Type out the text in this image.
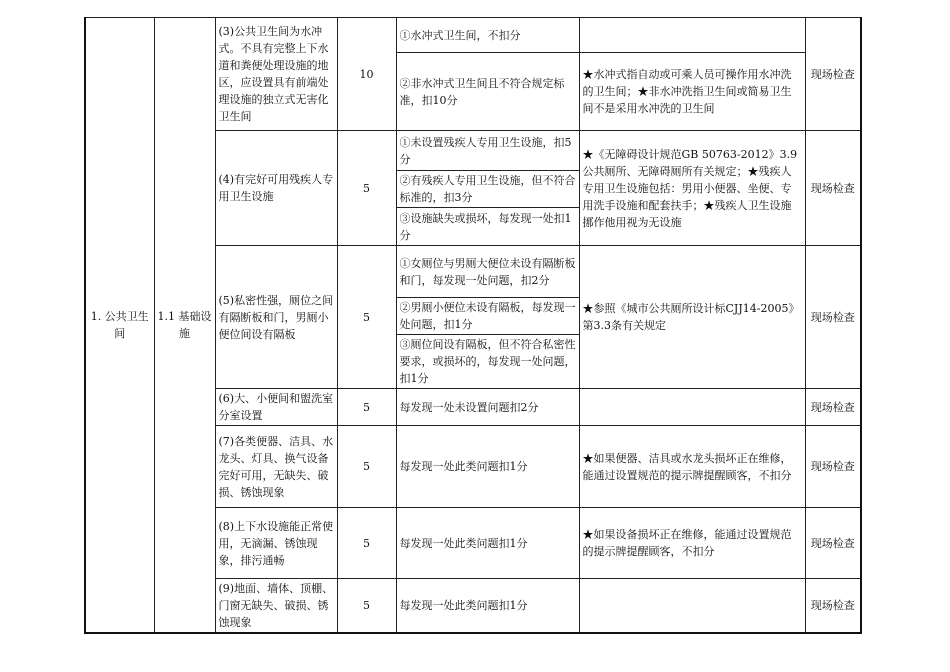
1. 公共卫生间	1.1 基础设施	(3)公共卫生间为水冲式。不具有完整上下水道和粪便处理设施的地区，应设置具有前端处理设施的独立式无害化卫生间	10	①水冲式卫生间，不扣分		现场检查
				②非水冲式卫生间且不符合规定标准，扣10分	★水冲式指自动或可乘人员可操作用水冲洗的卫生间；★非水冲洗指卫生间或简易卫生间不是采用水冲洗的卫生间	
		(4)有完好可用残疾人专用卫生设施	5	①未设置残疾人专用卫生设施，扣5分	★《无障碍设计规范GB 50763-2012》3.9公共厕所、无障碍厕所有关规定；★残疾人专用卫生设施包括：男用小便器、坐便、专用洗手设施和配套扶手；★残疾人卫生设施挪作他用视为无设施	现场检查
				②有残疾人专用卫生设施，但不符合标准的，扣3分		
				③设施缺失或损坏，每发现一处扣1分		
		(5)私密性强，厕位之间有隔断板和门，男厕小便位间设有隔板	5	①女厕位与男厕大便位未设有隔断板和门，每发现一处问题，扣2分	★参照《城市公共厕所设计标CJJ14-2005》第3.3条有关规定	现场检查
				②男厕小便位未设有隔板，每发现一处问题，扣1分		
				③厕位间设有隔板，但不符合私密性要求，或损坏的，每发现一处问题，扣1分		
		(6)大、小便间和盥洗室分室设置	5	每发现一处未设置问题扣2分		现场检查
		(7)各类便器、洁具、水龙头、灯具、换气设备完好可用，无缺失、破损、锈蚀现象	5	每发现一处此类问题扣1分	★如果便器、洁具或水龙头损坏正在维修，能通过设置规范的提示牌提醒顾客，不扣分	现场检查
		(8)上下水设施能正常使用，无滴漏、锈蚀现象，排污通畅	5	每发现一处此类问题扣1分	★如果设备损坏正在维修，能通过设置规范的提示牌提醒顾客，不扣分	现场检查
		(9)地面、墙体、顶棚、门窗无缺失、破损、锈蚀现象	5	每发现一处此类问题扣1分		现场检查
